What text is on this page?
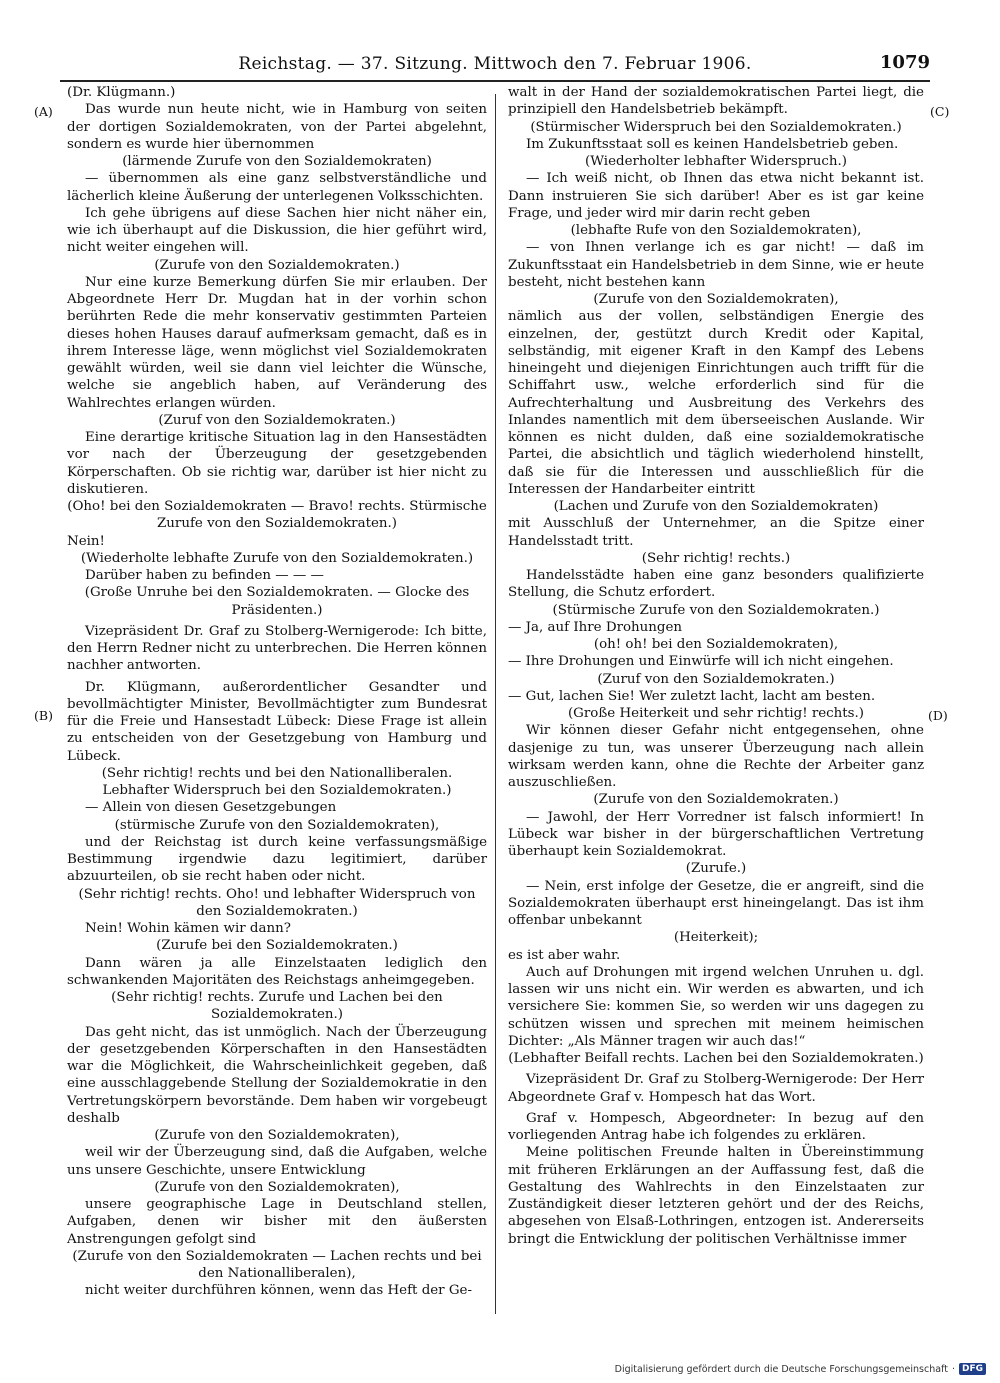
Reichstag. — 37. Sitzung. Mittwoch den 7. Februar 1906.	1079
(A)
(B)
(C)
(D)

(Dr. Klügmann.)

Das wurde nun heute nicht, wie in Hamburg von seiten der dortigen Sozialdemokraten, von der Partei abgelehnt, sondern es wurde hier übernommen

(lärmende Zurufe von den Sozialdemokraten)

— übernommen als eine ganz selbstverständliche und lächerlich kleine Äußerung der unterlegenen Volksschichten.

Ich gehe übrigens auf diese Sachen hier nicht näher ein, wie ich überhaupt auf die Diskussion, die hier geführt wird, nicht weiter eingehen will.

(Zurufe von den Sozialdemokraten.)

Nur eine kurze Bemerkung dürfen Sie mir erlauben. Der Abgeordnete Herr Dr. Mugdan hat in der vorhin schon berührten Rede die mehr konservativ gestimmten Parteien dieses hohen Hauses darauf aufmerksam gemacht, daß es in ihrem Interesse läge, wenn möglichst viel Sozialdemokraten gewählt würden, weil sie dann viel leichter die Wünsche, welche sie angeblich haben, auf Veränderung des Wahlrechtes erlangen würden.

(Zuruf von den Sozialdemokraten.)

Eine derartige kritische Situation lag in den Hansestädten vor nach der Überzeugung der gesetzgebenden Körperschaften. Ob sie richtig war, darüber ist hier nicht zu diskutieren.

(Oho! bei den Sozialdemokraten — Bravo! rechts. Stürmische Zurufe von den Sozialdemokraten.)

Nein!

(Wiederholte lebhafte Zurufe von den Sozialdemokraten.)

Darüber haben zu befinden — — —

(Große Unruhe bei den Sozialdemokraten. — Glocke des Präsidenten.)

Vizepräsident Dr. Graf zu Stolberg-Wernigerode: Ich bitte, den Herrn Redner nicht zu unterbrechen. Die Herren können nachher antworten.

Dr. Klügmann, außerordentlicher Gesandter und bevollmächtigter Minister, Bevollmächtigter zum Bundesrat für die Freie und Hansestadt Lübeck: Diese Frage ist allein zu entscheiden von der Gesetzgebung von Hamburg und Lübeck.

(Sehr richtig! rechts und bei den Nationalliberalen. Lebhafter Widerspruch bei den Sozialdemokraten.)

— Allein von diesen Gesetzgebungen

(stürmische Zurufe von den Sozialdemokraten),

und der Reichstag ist durch keine verfassungsmäßige Bestimmung irgendwie dazu legitimiert, darüber abzuurteilen, ob sie recht haben oder nicht.

(Sehr richtig! rechts. Oho! und lebhafter Widerspruch von den Sozialdemokraten.)

Nein! Wohin kämen wir dann?

(Zurufe bei den Sozialdemokraten.)

Dann wären ja alle Einzelstaaten lediglich den schwankenden Majoritäten des Reichstags anheimgegeben.

(Sehr richtig! rechts. Zurufe und Lachen bei den Sozialdemokraten.)

Das geht nicht, das ist unmöglich. Nach der Überzeugung der gesetzgebenden Körperschaften in den Hansestädten war die Möglichkeit, die Wahrscheinlichkeit gegeben, daß eine ausschlaggebende Stellung der Sozialdemokratie in den Vertretungskörpern bevorstände. Dem haben wir vorgebeugt deshalb

(Zurufe von den Sozialdemokraten),

weil wir der Überzeugung sind, daß die Aufgaben, welche uns unsere Geschichte, unsere Entwicklung

(Zurufe von den Sozialdemokraten),

unsere geographische Lage in Deutschland stellen, Aufgaben, denen wir bisher mit den äußersten Anstrengungen gefolgt sind

(Zurufe von den Sozialdemokraten — Lachen rechts und bei den Nationalliberalen),

nicht weiter durchführen können, wenn das Heft der Ge-

walt in der Hand der sozialdemokratischen Partei liegt, die prinzipiell den Handelsbetrieb bekämpft.

(Stürmischer Widerspruch bei den Sozialdemokraten.)

Im Zukunftsstaat soll es keinen Handelsbetrieb geben.

(Wiederholter lebhafter Widerspruch.)

— Ich weiß nicht, ob Ihnen das etwa nicht bekannt ist. Dann instruieren Sie sich darüber! Aber es ist gar keine Frage, und jeder wird mir darin recht geben

(lebhafte Rufe von den Sozialdemokraten),

— von Ihnen verlange ich es gar nicht! — daß im Zukunftsstaat ein Handelsbetrieb in dem Sinne, wie er heute besteht, nicht bestehen kann

(Zurufe von den Sozialdemokraten),

nämlich aus der vollen, selbständigen Energie des einzelnen, der, gestützt durch Kredit oder Kapital, selbständig, mit eigener Kraft in den Kampf des Lebens hineingeht und diejenigen Einrichtungen auch trifft für die Schiffahrt usw., welche erforderlich sind für die Aufrechterhaltung und Ausbreitung des Verkehrs des Inlandes namentlich mit dem überseeischen Auslande. Wir können es nicht dulden, daß eine sozialdemokratische Partei, die absichtlich und täglich wiederholend hinstellt, daß sie für die Interessen und ausschließlich für die Interessen der Handarbeiter eintritt

(Lachen und Zurufe von den Sozialdemokraten)

mit Ausschluß der Unternehmer, an die Spitze einer Handelsstadt tritt.

(Sehr richtig! rechts.)

Handelsstädte haben eine ganz besonders qualifizierte Stellung, die Schutz erfordert.

(Stürmische Zurufe von den Sozialdemokraten.)

— Ja, auf Ihre Drohungen

(oh! oh! bei den Sozialdemokraten),

— Ihre Drohungen und Einwürfe will ich nicht eingehen.

(Zuruf von den Sozialdemokraten.)

— Gut, lachen Sie! Wer zuletzt lacht, lacht am besten.

(Große Heiterkeit und sehr richtig! rechts.)

Wir können dieser Gefahr nicht entgegensehen, ohne dasjenige zu tun, was unserer Überzeugung nach allein wirksam werden kann, ohne die Rechte der Arbeiter ganz auszuschließen.

(Zurufe von den Sozialdemokraten.)

— Jawohl, der Herr Vorredner ist falsch informiert! In Lübeck war bisher in der bürgerschaftlichen Vertretung überhaupt kein Sozialdemokrat.

(Zurufe.)

— Nein, erst infolge der Gesetze, die er angreift, sind die Sozialdemokraten überhaupt erst hineingelangt. Das ist ihm offenbar unbekannt

(Heiterkeit);

es ist aber wahr.

Auch auf Drohungen mit irgend welchen Unruhen u. dgl. lassen wir uns nicht ein. Wir werden es abwarten, und ich versichere Sie: kommen Sie, so werden wir uns dagegen zu schützen wissen und sprechen mit meinem heimischen Dichter: „Als Männer tragen wir auch das!“

(Lebhafter Beifall rechts. Lachen bei den Sozialdemokraten.)

Vizepräsident Dr. Graf zu Stolberg-Wernigerode: Der Herr Abgeordnete Graf v. Hompesch hat das Wort.

Graf v. Hompesch, Abgeordneter: In bezug auf den vorliegenden Antrag habe ich folgendes zu erklären.

Meine politischen Freunde halten in Übereinstimmung mit früheren Erklärungen an der Auffassung fest, daß die Gestaltung des Wahlrechts in den Einzelstaaten zur Zuständigkeit dieser letzteren gehört und der des Reichs, abgesehen von Elsaß-Lothringen, entzogen ist. Andererseits bringt die Entwicklung der politischen Verhältnisse immer

Digitalisierung gefördert durch die Deutsche Forschungsgemeinschaft · DFG
